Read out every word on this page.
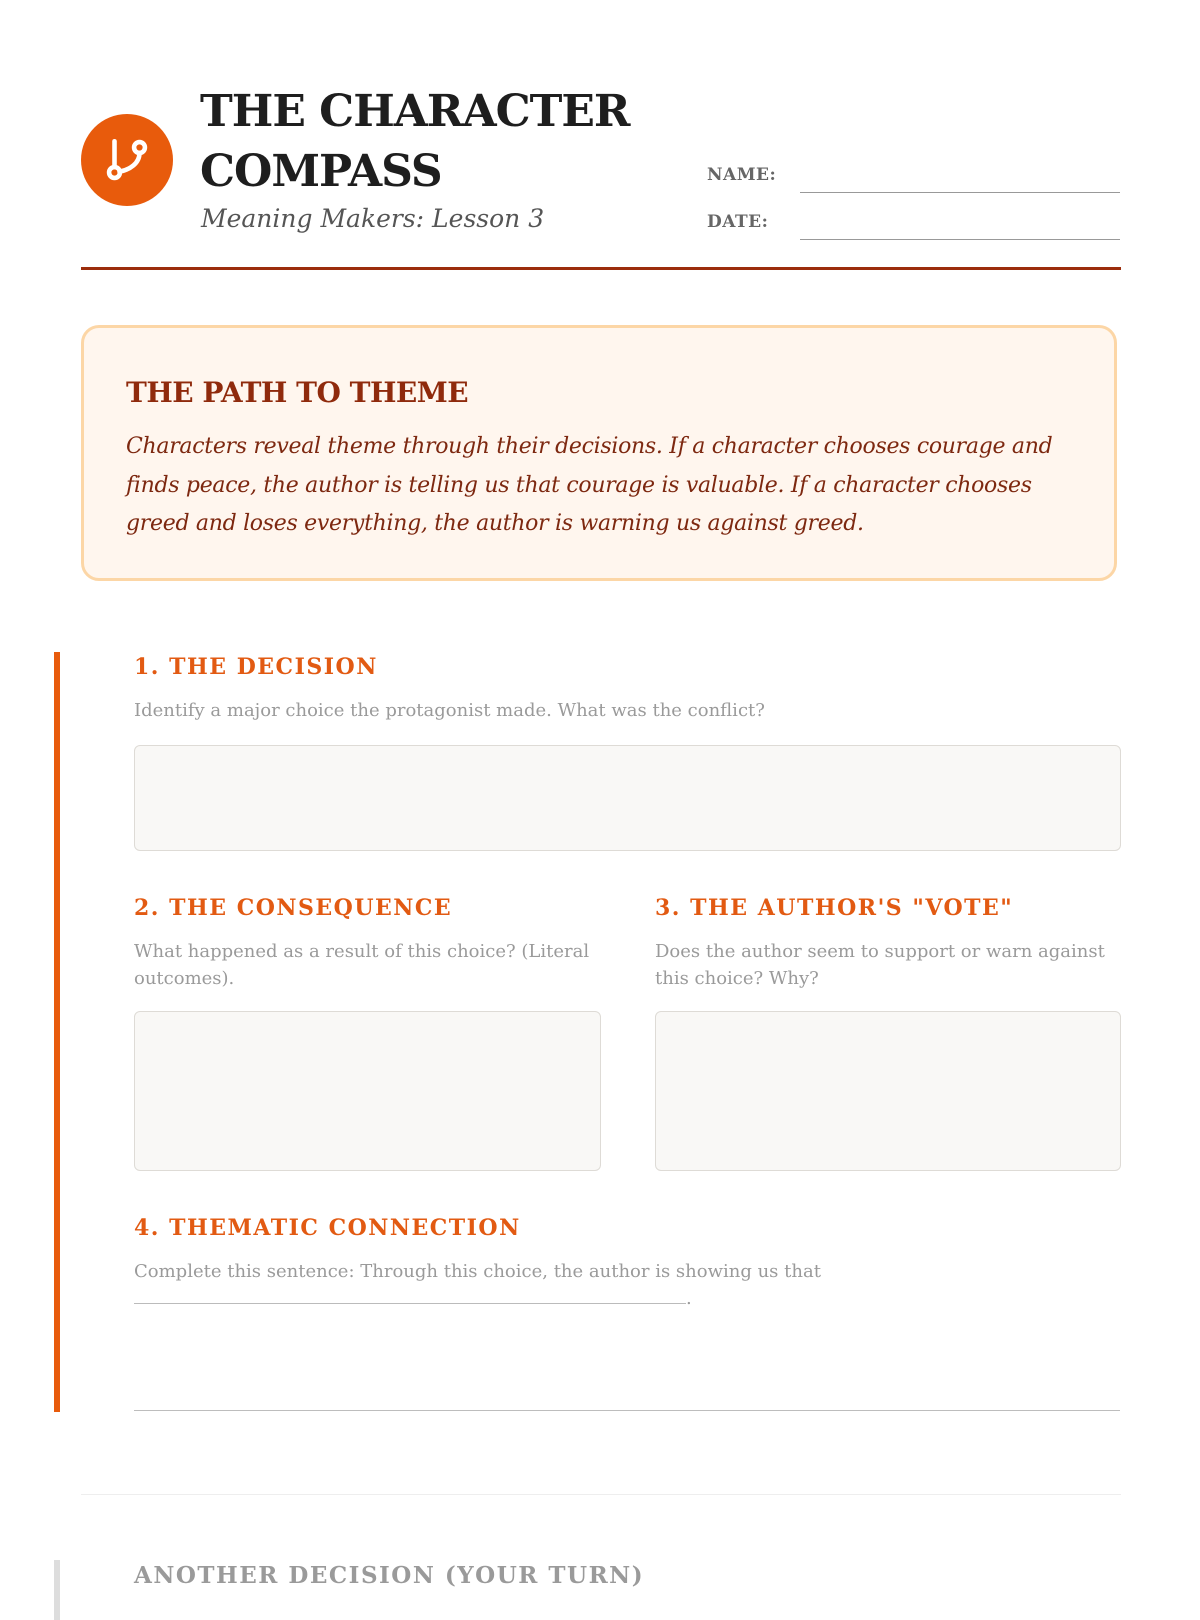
THE CHARACTER COMPASS
Meaning Makers: Lesson 3
NAME:
DATE:
THE PATH TO THEME
Characters reveal theme through their decisions. If a character chooses courage and finds peace, the author is telling us that courage is valuable. If a character chooses greed and loses everything, the author is warning us against greed.
1. THE DECISION
Identify a major choice the protagonist made. What was the conflict?
2. THE CONSEQUENCE
What happened as a result of this choice? (Literal outcomes).
3. THE AUTHOR'S "VOTE"
Does the author seem to support or warn against this choice? Why?
4. THEMATIC CONNECTION
Complete this sentence: Through this choice, the author is showing us that
.
ANOTHER DECISION (YOUR TURN)
